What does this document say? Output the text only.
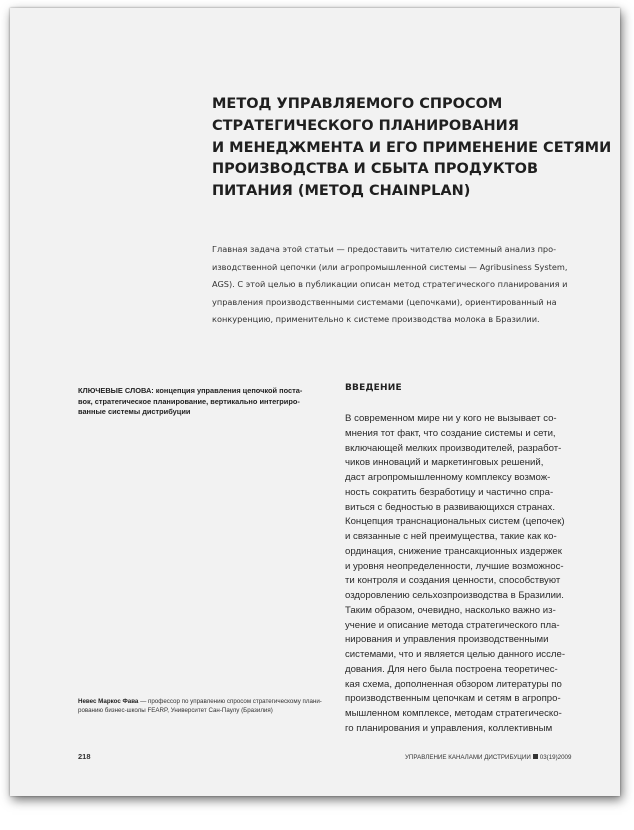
МЕТОД УПРАВЛЯЕМОГО СПРОСОМ
СТРАТЕГИЧЕСКОГО ПЛАНИРОВАНИЯ
И МЕНЕДЖМЕНТА И ЕГО ПРИМЕНЕНИЕ СЕТЯМИ
ПРОИЗВОДСТВА И СБЫТА ПРОДУКТОВ
ПИТАНИЯ (МЕТОД CHAINPLAN)

Главная задача этой статьи — предоставить читателю системный анализ про-
изводственной цепочки (или агропромышленной системы — Agribusiness System,
AGS). С этой целью в публикации описан метод стратегического планирования и
управления производственными системами (цепочками), ориентированный на
конкуренцию, применительно к системе производства молока в Бразилии.

КЛЮЧЕВЫЕ СЛОВА: концепция управления цепочкой поста-
вок, стратегическое планирование, вертикально интегриро-
ванные системы дистрибуции

Невес Маркос Фава — профессор по управлению спросом стратегическому плани-
рованию бизнес-школы FEARP, Университет Сан-Паулу (Бразилия)

ВВЕДЕНИЕ

В современном мире ни у кого не вызывает со-
мнения тот факт, что создание системы и сети,
включающей мелких производителей, разработ-
чиков инноваций и маркетинговых решений,
даст агропромышленному комплексу возмож-
ность сократить безработицу и частично спра-
виться с бедностью в развивающихся странах.
Концепция транснациональных систем (цепочек)
и связанные с ней преимущества, такие как ко-
ординация, снижение трансакционных издержек
и уровня неопределенности, лучшие возможнос-
ти контроля и создания ценности, способствуют
оздоровлению сельхозпроизводства в Бразилии.
Таким образом, очевидно, насколько важно из-
учение и описание метода стратегического пла-
нирования и управления производственными
системами, что и является целью данного иссле-
дования. Для него была построена теоретичес-
кая схема, дополненная обзором литературы по
производственным цепочкам и сетям в агропро-
мышленном комплексе, методам стратегическо-
го планирования и управления, коллективным

218	УПРАВЛЕНИЕ КАНАЛАМИ ДИСТРИБУЦИИ 03(19)2009
